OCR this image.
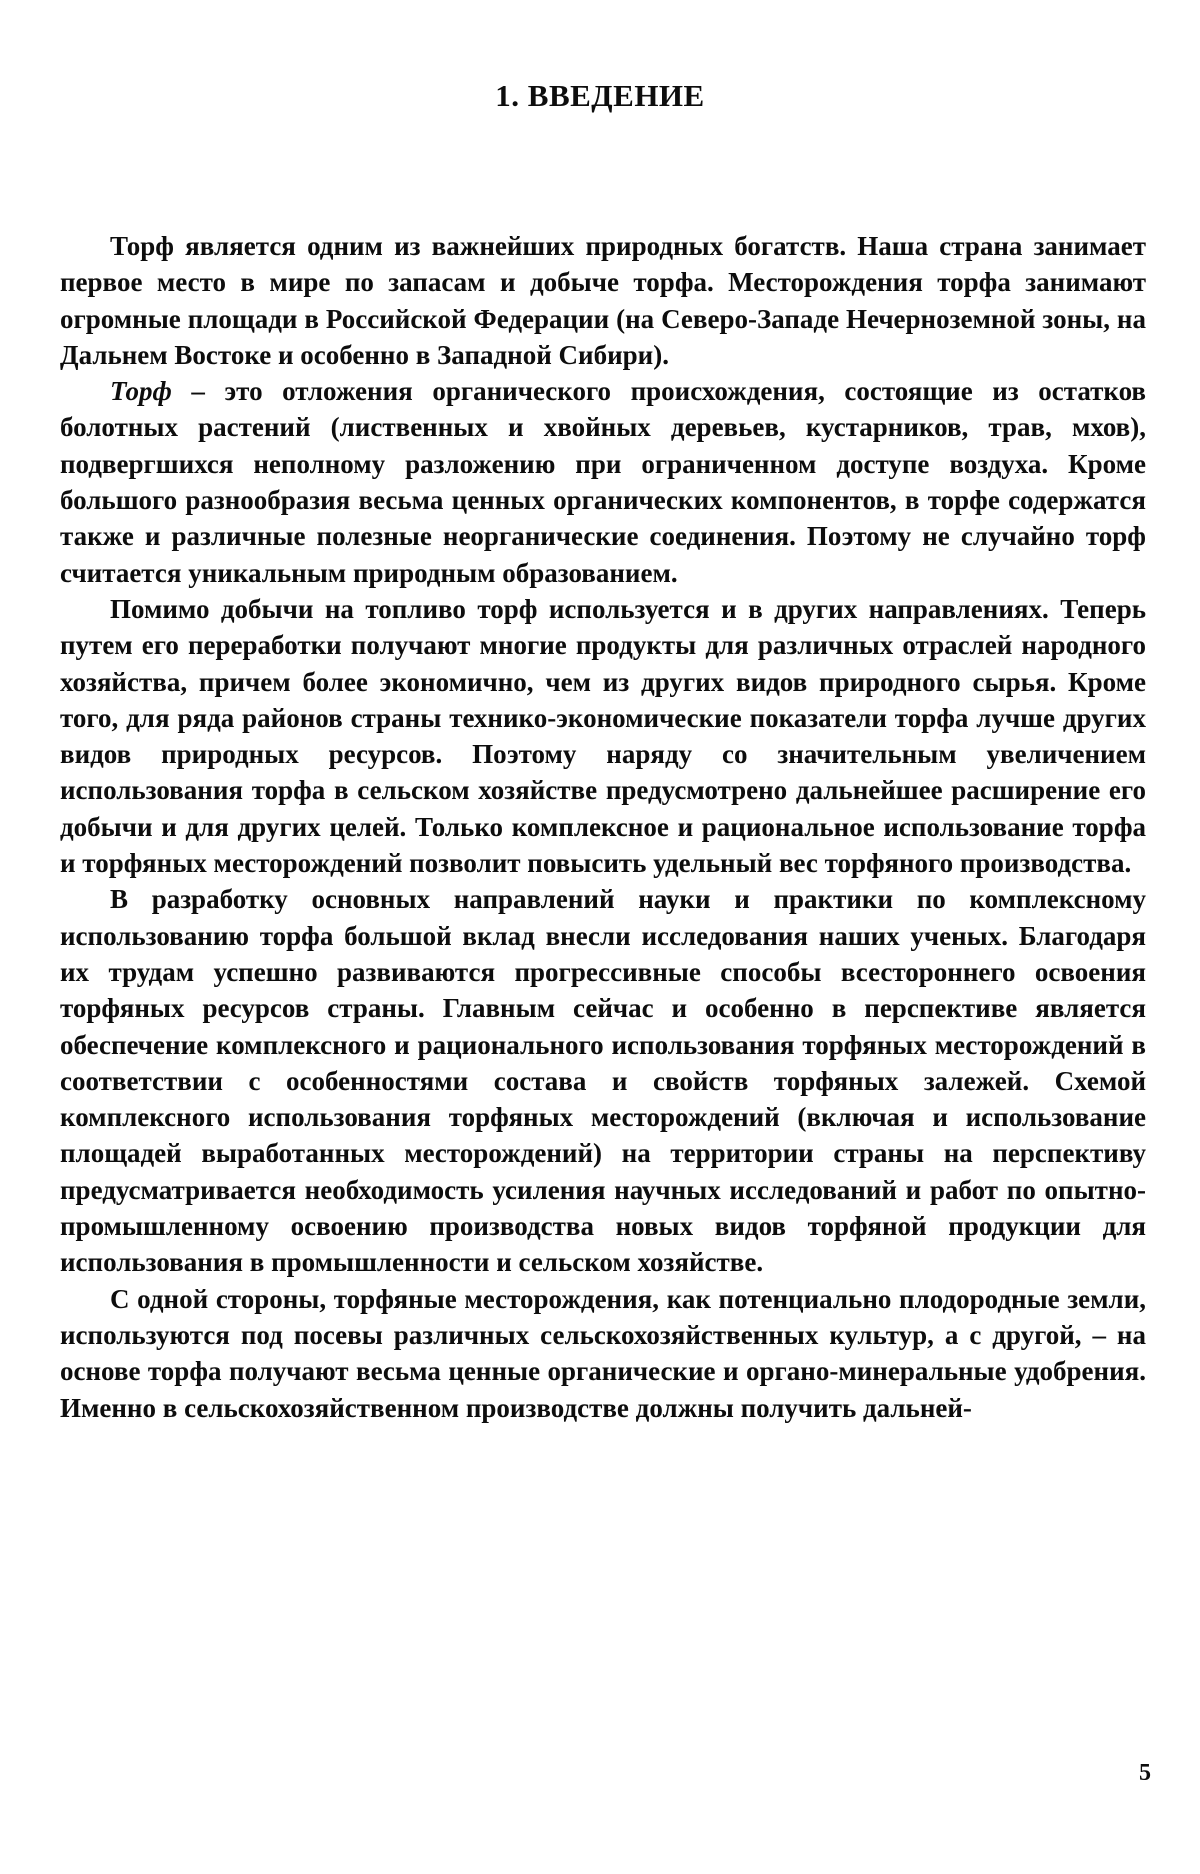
1. ВВЕДЕНИЕ

Торф является одним из важнейших природных богатств. Наша страна занимает первое место в мире по запасам и добыче торфа. Месторождения торфа занимают огромные площади в Российской Федерации (на Северо-Западе Нечерноземной зоны, на Дальнем Востоке и особенно в Западной Сибири).

Торф – это отложения органического происхождения, состоящие из остатков болотных растений (лиственных и хвойных деревьев, кустарников, трав, мхов), подвергшихся неполному разложению при ограниченном доступе воздуха. Кроме большого разнообразия весьма ценных органических компонентов, в торфе содержатся также и различные полезные неорганические соединения. Поэтому не случайно торф считается уникальным природным образованием.

Помимо добычи на топливо торф используется и в других направлениях. Теперь путем его переработки получают многие продукты для различных отраслей народного хозяйства, причем более экономично, чем из других видов природного сырья. Кроме того, для ряда районов страны технико-экономические показатели торфа лучше других видов природных ресурсов. Поэтому наряду со значительным увеличением использования торфа в сельском хозяйстве предусмотрено дальнейшее расширение его добычи и для других целей. Только комплексное и рациональное использование торфа и торфяных месторождений позволит повысить удельный вес торфяного производства.

В разработку основных направлений науки и практики по комплексному использованию торфа большой вклад внесли исследования наших ученых. Благодаря их трудам успешно развиваются прогрессивные способы всестороннего освоения торфяных ресурсов страны. Главным сейчас и особенно в перспективе является обеспечение комплексного и рационального использования торфяных месторождений в соответствии с особенностями состава и свойств торфяных залежей. Схемой комплексного использования торфяных месторождений (включая и использование площадей выработанных месторождений) на территории страны на перспективу предусматривается необходимость усиления научных исследований и работ по опытно-промышленному освоению производства новых видов торфяной продукции для использования в промышленности и сельском хозяйстве.

С одной стороны, торфяные месторождения, как потенциально плодородные земли, используются под посевы различных сельскохозяйственных культур, а с другой, – на основе торфа получают весьма ценные органические и органо-минеральные удобрения. Именно в сельскохозяйственном производстве должны получить дальней-

5
